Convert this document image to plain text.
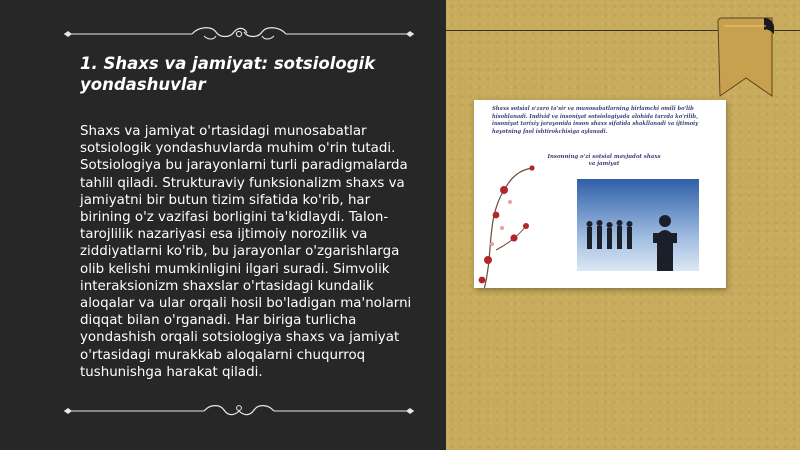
1. Shaxs va jamiyat: sotsiologik yondashuvlar

Shaxs va jamiyat o'rtasidagi munosabatlar sotsiologik yondashuvlarda muhim o'rin tutadi. Sotsiologiya bu jarayonlarni turli paradigmalarda tahlil qiladi. Strukturaviy funksionalizm shaxs va jamiyatni bir butun tizim sifatida ko'rib, har birining o'z vazifasi borligini ta'kidlaydi. Talon-tarojlilik nazariyasi esa ijtimoiy norozilik va ziddiyatlarni ko'rib, bu jarayonlar o'zgarishlarga olib kelishi mumkinligini ilgari suradi. Simvolik interaksionizm shaxslar o'rtasidagi kundalik aloqalar va ular orqali hosil bo'ladigan ma'nolarni diqqat bilan o'rganadi. Har biriga turlicha yondashish orqali sotsiologiya shaxs va jamiyat o'rtasidagi murakkab aloqalarni chuqurroq tushunishga harakat qiladi.

Shaxs sotsial o'zaro ta'sir va munosabatlarning birlamchi omili bo'lib hisoblanadi. Individ va insoniyat sotsiologiyada alohida tarzda ko'rilib, insoniyat tarixiy jarayonida inson shaxs sifatida shakllanadi va ijtimoiy hayotning faol ishtirokchisiga aylanadi.

Insonning o'zi sotsial mavjudot shaxs va jamiyat
